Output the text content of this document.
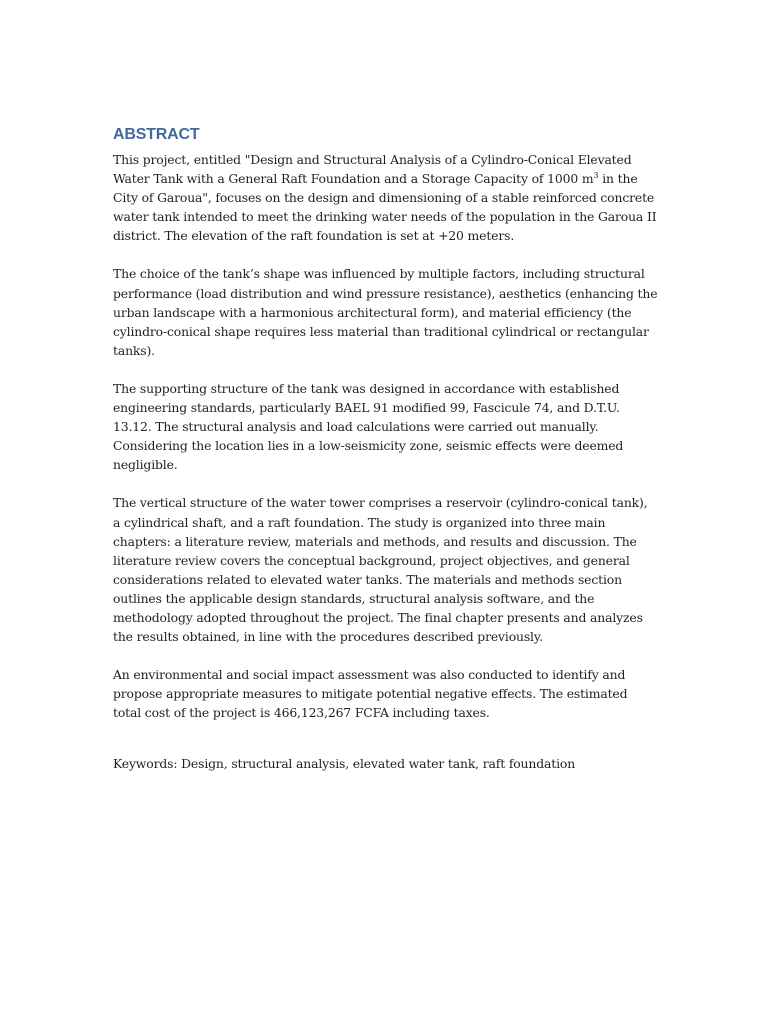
ABSTRACT

This project, entitled "Design and Structural Analysis of a Cylindro-Conical Elevated Water Tank with a General Raft Foundation and a Storage Capacity of 1000 $m^3$ in the City of Garoua", focuses on the design and dimensioning of a stable reinforced concrete water tank intended to meet the drinking water needs of the population in the Garoua II district. The elevation of the raft foundation is set at +20 meters.

The choice of the tank’s shape was influenced by multiple factors, including structural performance (load distribution and wind pressure resistance), aesthetics (enhancing the urban landscape with a harmonious architectural form), and material efficiency (the cylindro-conical shape requires less material than traditional cylindrical or rectangular tanks).

The supporting structure of the tank was designed in accordance with established engineering standards, particularly BAEL 91 modified 99, Fascicule 74, and D.T.U. 13.12. The structural analysis and load calculations were carried out manually. Considering the location lies in a low-seismicity zone, seismic effects were deemed negligible.

The vertical structure of the water tower comprises a reservoir (cylindro-conical tank), a cylindrical shaft, and a raft foundation. The study is organized into three main chapters: a literature review, materials and methods, and results and discussion. The literature review covers the conceptual background, project objectives, and general considerations related to elevated water tanks. The materials and methods section outlines the applicable design standards, structural analysis software, and the methodology adopted throughout the project. The final chapter presents and analyzes the results obtained, in line with the procedures described previously.

An environmental and social impact assessment was also conducted to identify and propose appropriate measures to mitigate potential negative effects. The estimated total cost of the project is 466,123,267 FCFA including taxes.

Keywords: Design, structural analysis, elevated water tank, raft foundation
